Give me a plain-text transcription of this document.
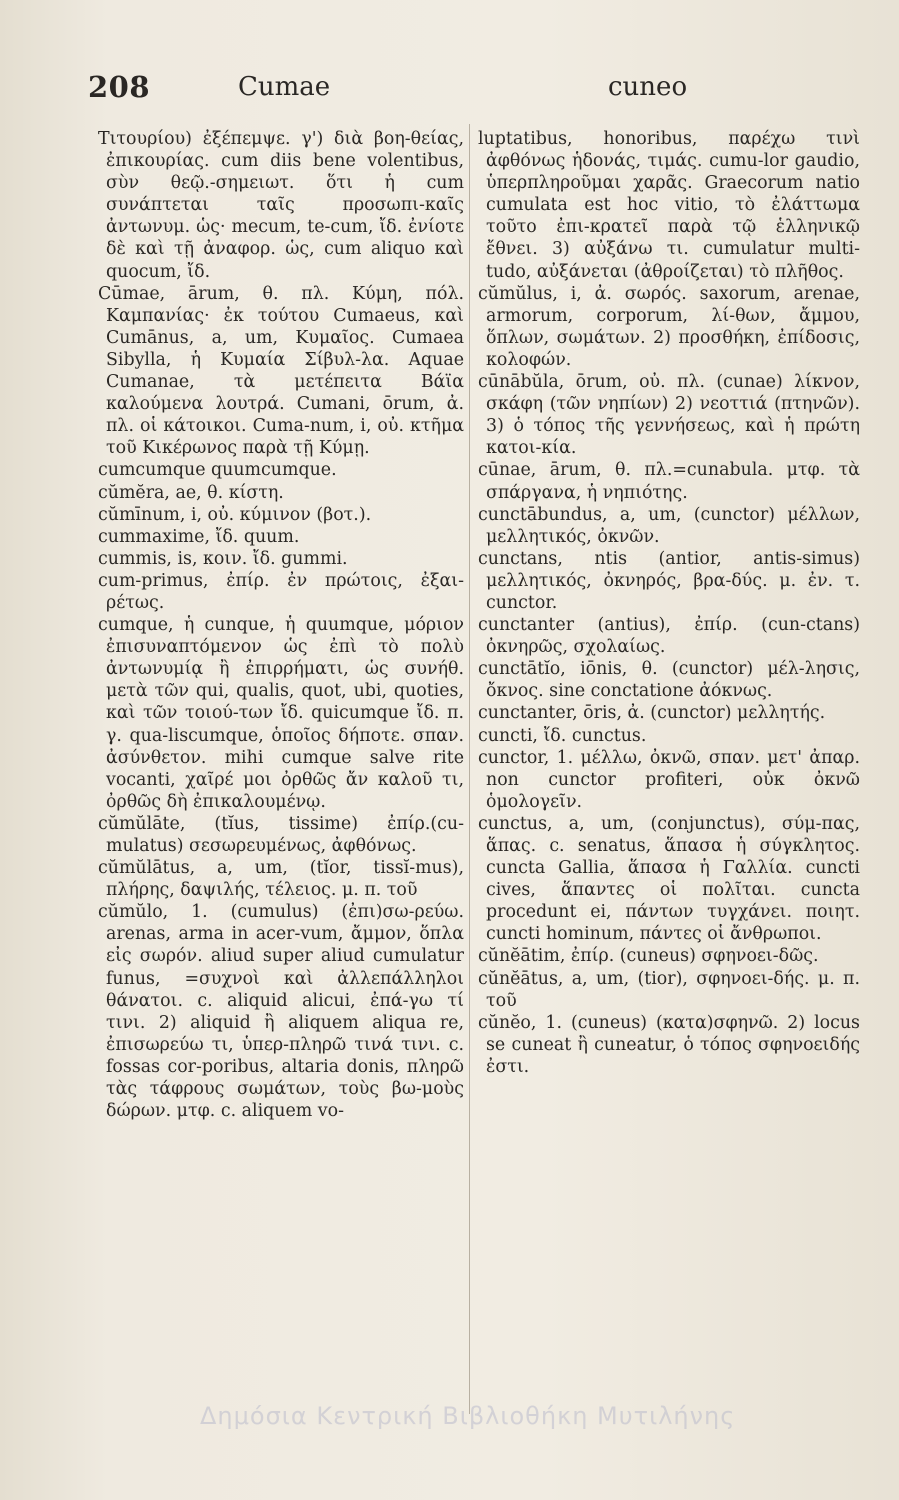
208	Cumae	cuneo

Τιτουρίου) ἐξέπεμψε. γ') διὰ βοη-θείας, ἐπικουρίας. cum diis bene volentibus, σὺν θεῷ.-σημειωτ. ὅτι ἡ cum συνάπτεται ταῖς προσωπι-καῖς ἀντωνυμ. ὡς· mecum, te-cum, ἴδ. ἐνίοτε δὲ καὶ τῇ ἀναφορ. ὡς, cum aliquo καὶ quocum, ἴδ.

Cūmae, ārum, θ. πλ. Κύμη, πόλ. Καμπανίας· ἐκ τούτου Cumaeus, καὶ Cumānus, a, um, Κυμαῖος. Cumaea Sibylla, ἡ Κυμαία Σίβυλ-λα. Aquae Cumanae, τὰ μετέπειτα Βάϊα καλούμενα λουτρά. Cumani, ōrum, ἀ. πλ. οἱ κάτοικοι. Cuma-num, i, οὐ. κτῆμα τοῦ Κικέρωνος παρὰ τῇ Κύμῃ.

cumcumque quumcumque.

cŭmĕra, ae, θ. κίστη.

cŭmīnum, i, οὐ. κύμινον (βοτ.).

cummaxime, ἴδ. quum.

cummis, is, κοιν. ἴδ. gummi.

cum-primus, ἐπίρ. ἐν πρώτοις, ἐξαι-ρέτως.

cumque, ἡ cunque, ἡ quumque, μόριον ἐπισυναπτόμενον ὡς ἐπὶ τὸ πολὺ ἀντωνυμίᾳ ἢ ἐπιρρήματι, ὡς συνήθ. μετὰ τῶν qui, qualis, quot, ubi, quoties, καὶ τῶν τοιού-των ἴδ. quicumque ἴδ. π. γ. qua-liscumque, ὁποῖος δήποτε. σπαν. ἀσύνθετον. mihi cumque salve rite vocanti, χαῖρέ μοι ὀρθῶς ἄν καλοῦ τι, ὀρθῶς δὴ ἐπικαλουμένῳ.

cŭmŭlāte, (tĭus, tissime) ἐπίρ.(cu-mulatus) σεσωρευμένως, ἀφθόνως.

cŭmŭlātus, a, um, (tĭor, tissĭ-mus), πλήρης, δαψιλής, τέλειος. μ. π. τοῦ

cŭmŭlo, 1. (cumulus) (ἐπι)σω-ρεύω. arenas, arma in acer-vum, ἄμμον, ὅπλα εἰς σωρόν. aliud super aliud cumulatur funus, =συχνοὶ καὶ ἀλλεπάλληλοι θάνατοι. c. aliquid alicui, ἐπά-γω τί τινι. 2) aliquid ἢ aliquem aliqua re, ἐπισωρεύω τι, ὑπερ-πληρῶ τινά τινι. c. fossas cor-poribus, altaria donis, πληρῶ τὰς τάφρους σωμάτων, τοὺς βω-μοὺς δώρων. μτφ. c. aliquem vo-

luptatibus, honoribus, παρέχω τινὶ ἀφθόνως ἡδονάς, τιμάς. cumu-lor gaudio, ὑπερπληροῦμαι χαρᾶς. Graecorum natio cumulata est hoc vitio, τὸ ἐλάττωμα τοῦτο ἐπι-κρατεῖ παρὰ τῷ ἑλληνικῷ ἔθνει. 3) αὐξάνω τι. cumulatur multi-tudo, αὐξάνεται (ἀθροίζεται) τὸ πλῆθος.

cŭmŭlus, i, ἀ. σωρός. saxorum, arenae, armorum, corporum, λί-θων, ἄμμου, ὅπλων, σωμάτων. 2) προσθήκη, ἐπίδοσις, κολοφών.

cūnābŭla, ōrum, οὐ. πλ. (cunae) λίκνον, σκάφη (τῶν νηπίων) 2) νεοττιά (πτηνῶν). 3) ὁ τόπος τῆς γεννήσεως, καὶ ἡ πρώτη κατοι-κία.

cūnae, ārum, θ. πλ.=cunabula. μτφ. τὰ σπάργανα, ἡ νηπιότης.

cunctābundus, a, um, (cunctor) μέλλων, μελλητικός, ὀκνῶν.

cunctans, ntis (antior, antis-simus) μελλητικός, ὀκνηρός, βρα-δύς. μ. ἐν. τ. cunctor.

cunctanter (antius), ἐπίρ. (cun-ctans) ὀκνηρῶς, σχολαίως.

cunctātĭo, iōnis, θ. (cunctor) μέλ-λησις, ὄκνος. sine conctatione ἀόκνως.

cunctanter, ōris, ἀ. (cunctor) μελλητής.

cuncti, ἴδ. cunctus.

cunctor, 1. μέλλω, ὀκνῶ, σπαν. μετ' ἀπαρ. non cunctor profiteri, οὐκ ὀκνῶ ὁμολογεῖν.

cunctus, a, um, (conjunctus), σύμ-πας, ἅπας. c. senatus, ἅπασα ἡ σύγκλητος. cuncta Gallia, ἅπασα ἡ Γαλλία. cuncti cives, ἅπαντες οἱ πολῖται. cuncta procedunt ei, πάντων τυγχάνει. ποιητ. cuncti hominum, πάντες οἱ ἄνθρωποι.

cŭnĕātim, ἐπίρ. (cuneus) σφηνοει-δῶς.

cŭnĕātus, a, um, (tior), σφηνοει-δής. μ. π. τοῦ

cŭnĕo, 1. (cuneus) (κατα)σφηνῶ. 2) locus se cuneat ἢ cuneatur, ὁ τόπος σφηνοειδής ἐστι.

Δημόσια Κεντρική Βιβλιοθήκη Μυτιλήνης
